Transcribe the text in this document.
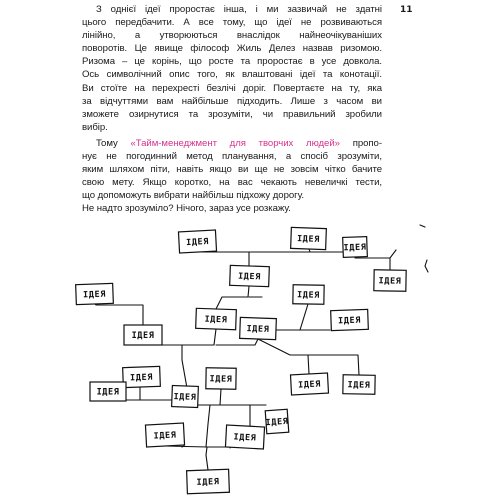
11
З однієї ідеї проростає інша, і ми зазвичай не здатні
цього передбачити. А все тому, що ідеї не розвиваються
лінійно, а утворюються внаслідок найнеочікуваніших
поворотів. Це явище філософ Жиль Делез назвав ризомою.
Ризома – це корінь, що росте та проростає в усе довкола.
Ось символічний опис того, як влаштовані ідеї та конотації.
Ви стоїте на перехресті безлічі доріг. Повертаєте на ту, яка
за відчуттями вам найбільше підходить. Лише з часом ви
зможете озирнутися та зрозуміти, чи правильний зробили
вибір.
Тому «Тайм-менеджмент для творчих людей» пропо-
нує не погодинний метод планування, а спосіб зрозуміти,
яким шляхом піти, навіть якщо ви ще не зовсім чітко бачите
свою мету. Якщо коротко, на вас чекають невеличкі тести,
що допоможуть вибрати найбільш підхожу дорогу.
Не надто зрозуміло? Нічого, зараз усе розкажу.
ІДЕЯ	ІДЕЯ
ІДЕЯ
ІДЕЯ	ІДЕЯ
ІДЕЯ	ІДЕЯ
ІДЕЯ	ІДЕЯ
ІДЕЯ
ІДЕЯ
ІДЕЯ	ІДЕЯ	ІДЕЯ	ІДЕЯ
ІДЕЯ	ІДЕЯ
ІДЕЯ	ІДЕЯ
ІДЕЯ
ІДЕЯ
